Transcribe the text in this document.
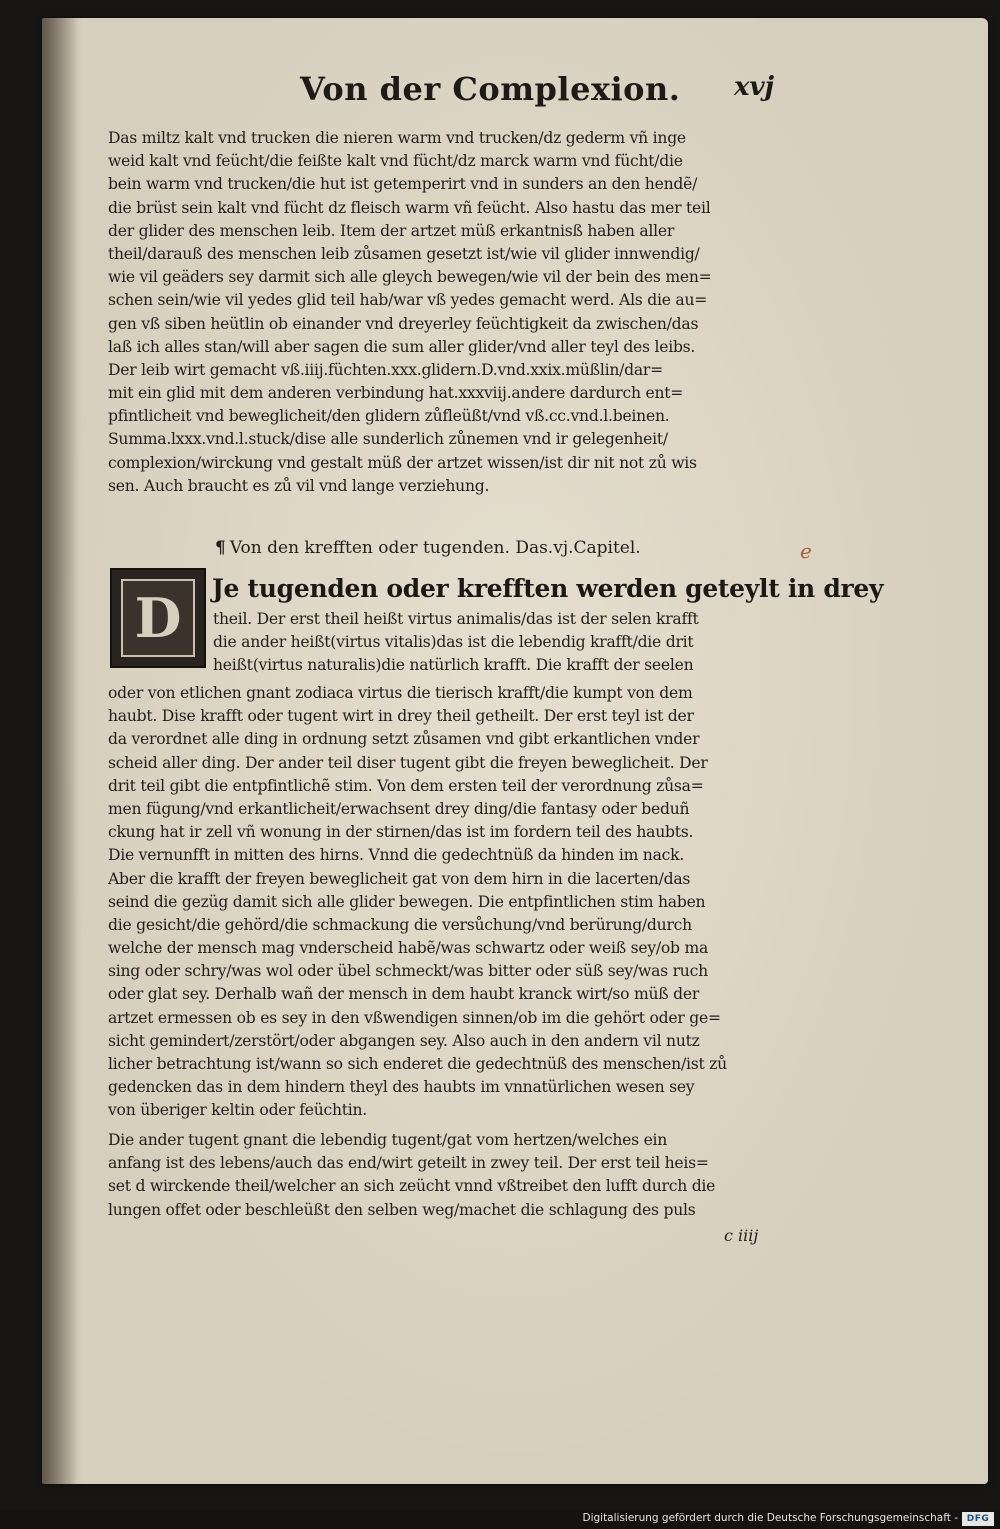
Von der Complexion. xvj
Das miltz kalt vnd trucken die nieren warm vnd trucken/dz gederm vñ inge
weid kalt vnd feücht/die feißte kalt vnd fücht/dz marck warm vnd fücht/die
bein warm vnd trucken/die hut ist getemperirt vnd in sunders an den hendẽ/
die brüst sein kalt vnd fücht dz fleisch warm vñ feücht. Also hastu das mer teil
der glider des menschen leib. Item der artzet müß erkantnisß haben aller
theil/darauß des menschen leib zůsamen gesetzt ist/wie vil glider innwendig/
wie vil geäders sey darmit sich alle gleych bewegen/wie vil der bein des men=
schen sein/wie vil yedes glid teil hab/war vß yedes gemacht werd. Als die au=
gen vß siben heütlin ob einander vnd dreyerley feüchtigkeit da zwischen/das
laß ich alles stan/will aber sagen die sum aller glider/vnd aller teyl des leibs.
Der leib wirt gemacht vß.iiij.füchten.xxx.glidern.D.vnd.xxix.müßlin/dar=
mit ein glid mit dem anderen verbindung hat.xxxviij.andere dardurch ent=
pfintlicheit vnd beweglicheit/den glidern zůfleüßt/vnd vß.cc.vnd.l.beinen.
Summa.lxxx.vnd.l.stuck/dise alle sunderlich zůnemen vnd ir gelegenheit/
complexion/wirckung vnd gestalt müß der artzet wissen/ist dir nit not zů wis
sen. Auch braucht es zů vil vnd lange verziehung.
¶ Von den krefften oder tugenden. Das.vj.Capitel.	e
D Je tugenden oder krefften werden geteylt in drey
theil. Der erst theil heißt virtus animalis/das ist der selen krafft
die ander heißt(virtus vitalis)das ist die lebendig krafft/die drit
heißt(virtus naturalis)die natürlich krafft. Die krafft der seelen
oder von etlichen gnant zodiaca virtus die tierisch krafft/die kumpt von dem
haubt. Dise krafft oder tugent wirt in drey theil getheilt. Der erst teyl ist der
da verordnet alle ding in ordnung setzt zůsamen vnd gibt erkantlichen vnder
scheid aller ding. Der ander teil diser tugent gibt die freyen beweglicheit. Der
drit teil gibt die entpfintlichẽ stim. Von dem ersten teil der verordnung zůsa=
men fügung/vnd erkantlicheit/erwachsent drey ding/die fantasy oder beduñ
ckung hat ir zell vñ wonung in der stirnen/das ist im fordern teil des haubts.
Die vernunfft in mitten des hirns. Vnnd die gedechtnüß da hinden im nack.
Aber die krafft der freyen beweglicheit gat von dem hirn in die lacerten/das
seind die gezüg damit sich alle glider bewegen. Die entpfintlichen stim haben
die gesicht/die gehörd/die schmackung die versůchung/vnd berürung/durch
welche der mensch mag vnderscheid habẽ/was schwartz oder weiß sey/ob ma
sing oder schry/was wol oder übel schmeckt/was bitter oder süß sey/was ruch
oder glat sey. Derhalb wañ der mensch in dem haubt kranck wirt/so müß der
artzet ermessen ob es sey in den vßwendigen sinnen/ob im die gehört oder ge=
sicht gemindert/zerstört/oder abgangen sey. Also auch in den andern vil nutz
licher betrachtung ist/wann so sich enderet die gedechtnüß des menschen/ist zů
gedencken das in dem hindern theyl des haubts im vnnatürlichen wesen sey
von überiger keltin oder feüchtin.
Die ander tugent gnant die lebendig tugent/gat vom hertzen/welches ein
anfang ist des lebens/auch das end/wirt geteilt in zwey teil. Der erst teil heis=
set d wirckende theil/welcher an sich zeücht vnnd vßtreibet den lufft durch die
lungen offet oder beschleüßt den selben weg/machet die schlagung des puls
c iiij
Digitalisierung gefördert durch die Deutsche Forschungsgemeinschaft - DFG
